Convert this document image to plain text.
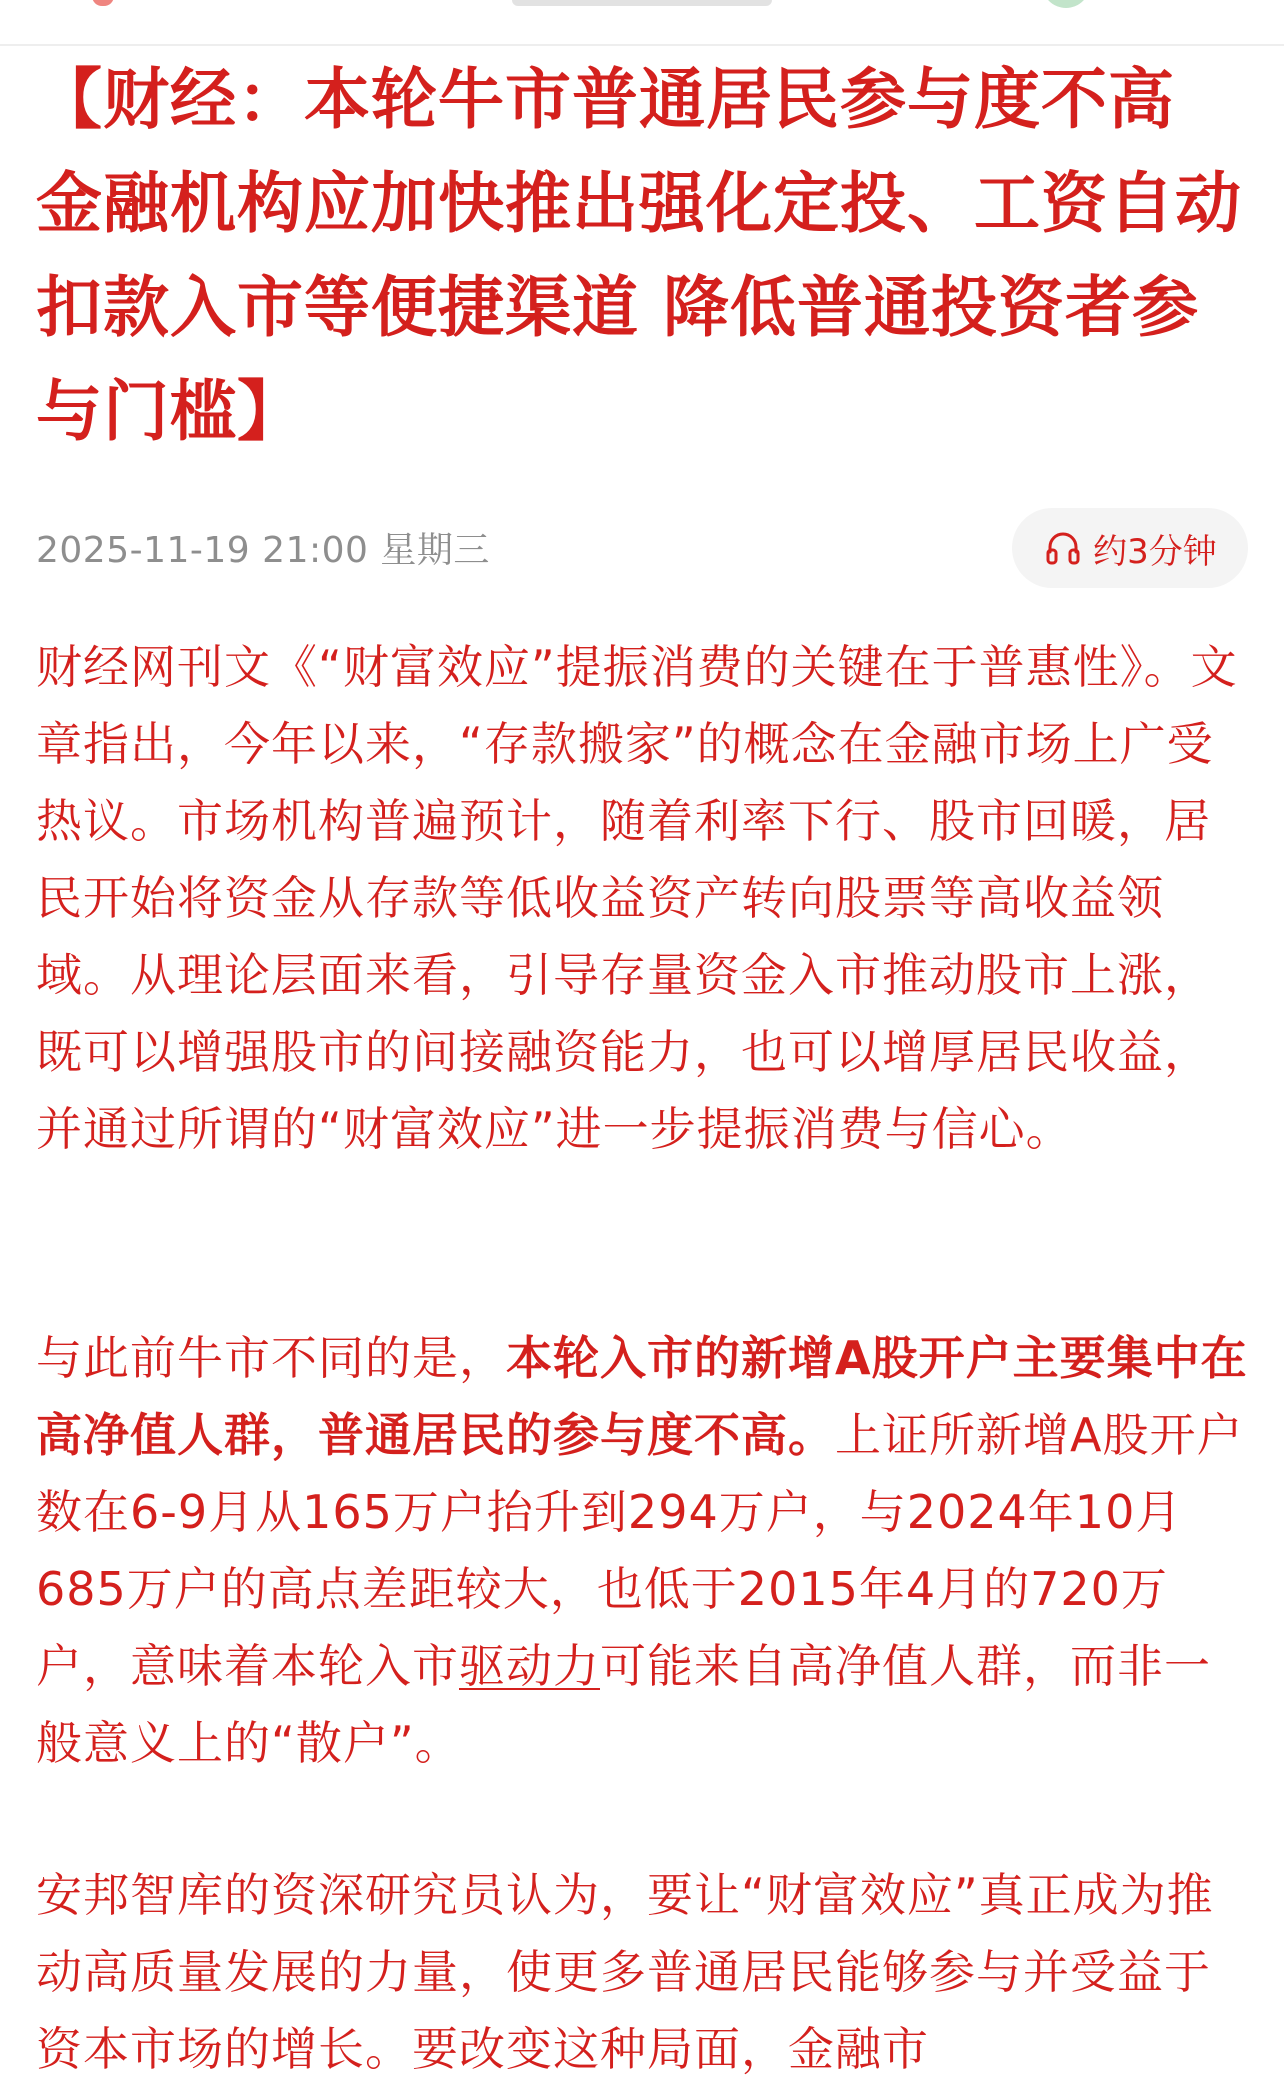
【财经：本轮牛市普通居民参与度不高 金融机构应加快推出强化定投、工资自动扣款入市等便捷渠道 降低普通投资者参与门槛】
2025-11-19 21:00 星期三	约3分钟

财经网刊文《“财富效应”提振消费的关键在于普惠性》。文章指出，今年以来，“存款搬家”的概念在金融市场上广受热议。市场机构普遍预计，随着利率下行、股市回暖，居民开始将资金从存款等低收益资产转向股票等高收益领域。从理论层面来看，引导存量资金入市推动股市上涨，既可以增强股市的间接融资能力，也可以增厚居民收益，并通过所谓的“财富效应”进一步提振消费与信心。

与此前牛市不同的是，本轮入市的新增A股开户主要集中在高净值人群，普通居民的参与度不高。上证所新增A股开户数在6-9月从165万户抬升到294万户，与2024年10月685万户的高点差距较大，也低于2015年4月的720万户，意味着本轮入市驱动力可能来自高净值人群，而非一般意义上的“散户”。

安邦智库的资深研究员认为，要让“财富效应”真正成为推动高质量发展的力量，使更多普通居民能够参与并受益于资本市场的增长。要改变这种局面，金融市
